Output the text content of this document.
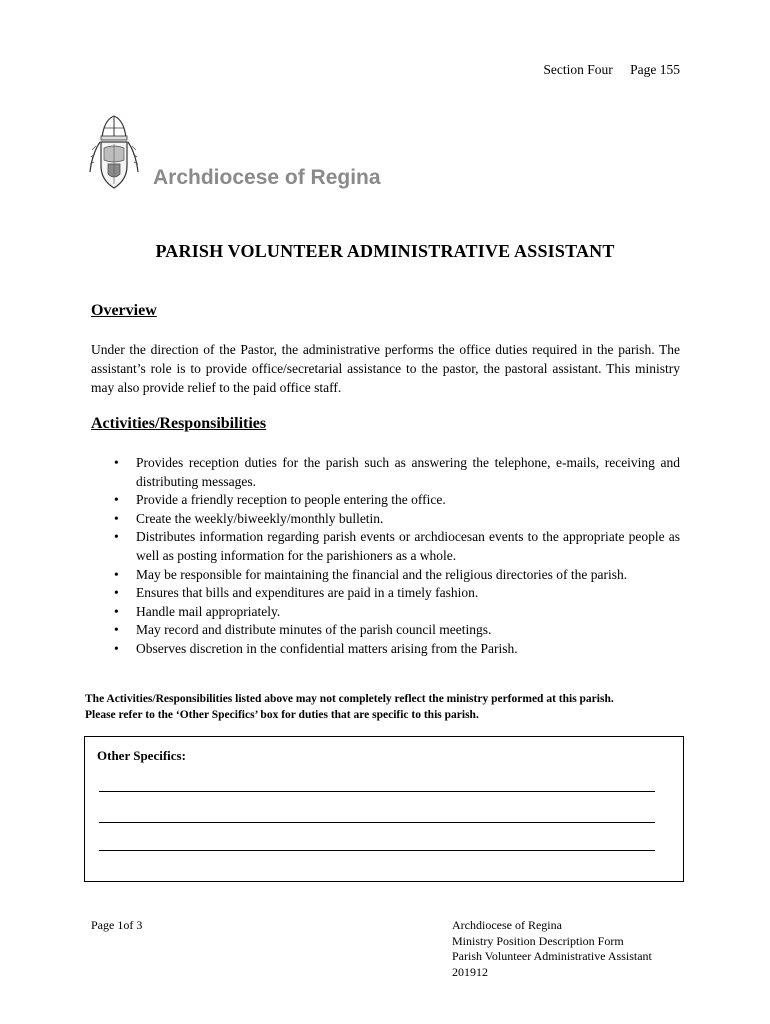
Section Four Page 155
Archdiocese of Regina
PARISH VOLUNTEER ADMINISTRATIVE ASSISTANT
Overview
Under the direction of the Pastor, the administrative performs the office duties required in the parish. The assistant’s role is to provide office/secretarial assistance to the pastor, the pastoral assistant. This ministry may also provide relief to the paid office staff.
Activities/Responsibilities
• Provides reception duties for the parish such as answering the telephone, e-mails, receiving and distributing messages.
• Provide a friendly reception to people entering the office.
• Create the weekly/biweekly/monthly bulletin.
• Distributes information regarding parish events or archdiocesan events to the appropriate people as well as posting information for the parishioners as a whole.
• May be responsible for maintaining the financial and the religious directories of the parish.
• Ensures that bills and expenditures are paid in a timely fashion.
• Handle mail appropriately.
• May record and distribute minutes of the parish council meetings.
• Observes discretion in the confidential matters arising from the Parish.
The Activities/Responsibilities listed above may not completely reflect the ministry performed at this parish.
Please refer to the ‘Other Specifics’ box for duties that are specific to this parish.
Other Specifics:
Page 1of 3	Archdiocese of Regina
Ministry Position Description Form
Parish Volunteer Administrative Assistant
201912
